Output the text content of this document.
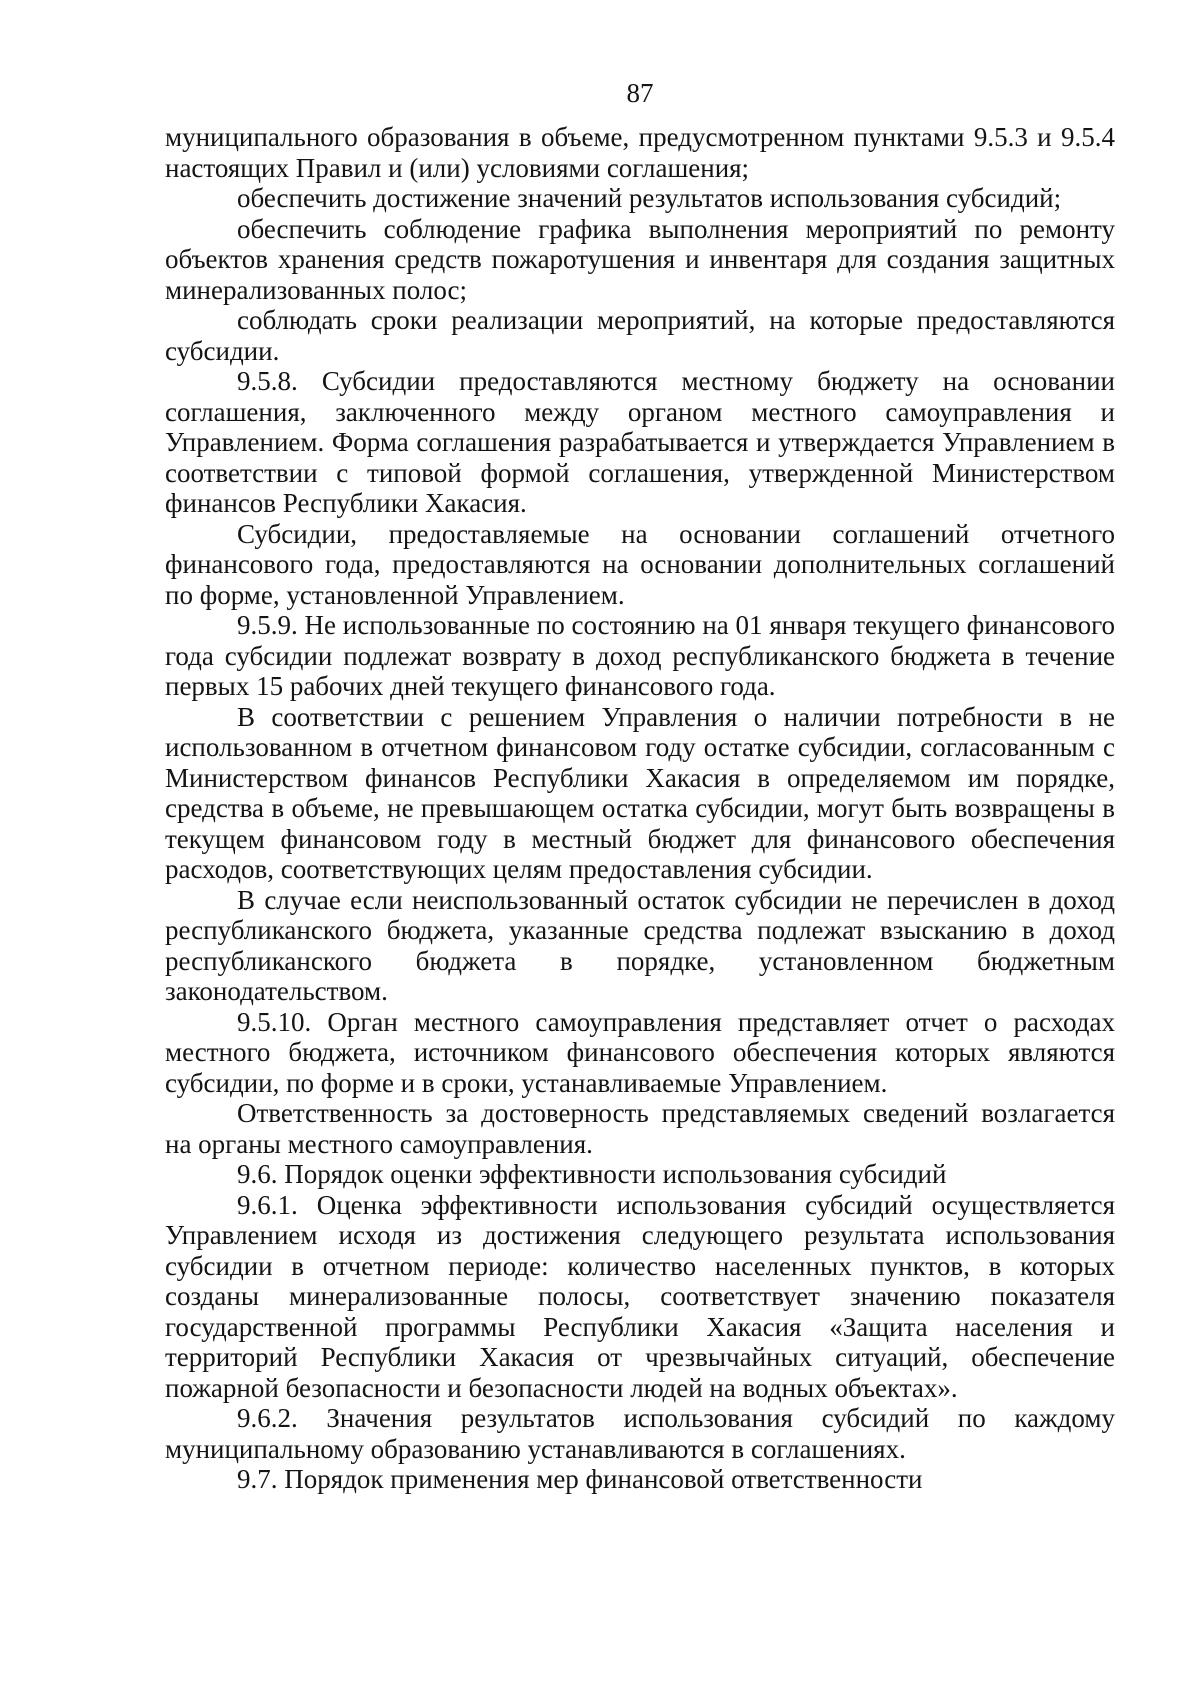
87

муниципального образования в объеме, предусмотренном пунктами 9.5.3 и 9.5.4 настоящих Правил и (или) условиями соглашения;

обеспечить достижение значений результатов использования субсидий;

обеспечить соблюдение графика выполнения мероприятий по ремонту объектов хранения средств пожаротушения и инвентаря для создания защитных минерализованных полос;

соблюдать сроки реализации мероприятий, на которые предоставляются субсидии.

9.5.8. Субсидии предоставляются местному бюджету на основании соглашения, заключенного между органом местного самоуправления и Управлением. Форма соглашения разрабатывается и утверждается Управлением в соответствии с типовой формой соглашения, утвержденной Министерством финансов Республики Хакасия.

Субсидии, предоставляемые на основании соглашений отчетного финансового года, предоставляются на основании дополнительных соглашений по форме, установленной Управлением.

9.5.9. Не использованные по состоянию на 01 января текущего финансового года субсидии подлежат возврату в доход республиканского бюджета в течение первых 15 рабочих дней текущего финансового года.

В соответствии с решением Управления о наличии потребности в не использованном в отчетном финансовом году остатке субсидии, согласованным с Министерством финансов Республики Хакасия в определяемом им порядке, средства в объеме, не превышающем остатка субсидии, могут быть возвращены в текущем финансовом году в местный бюджет для финансового обеспечения расходов, соответствующих целям предоставления субсидии.

В случае если неиспользованный остаток субсидии не перечислен в доход республиканского бюджета, указанные средства подлежат взысканию в доход республиканского бюджета в порядке, установленном бюджетным законодательством.

9.5.10. Орган местного самоуправления представляет отчет о расходах местного бюджета, источником финансового обеспечения которых являются субсидии, по форме и в сроки, устанавливаемые Управлением.

Ответственность за достоверность представляемых сведений возлагается на органы местного самоуправления.

9.6. Порядок оценки эффективности использования субсидий

9.6.1. Оценка эффективности использования субсидий осуществляется Управлением исходя из достижения следующего результата использования субсидии в отчетном периоде: количество населенных пунктов, в которых созданы минерализованные полосы, соответствует значению показателя государственной программы Республики Хакасия «Защита населения и территорий Республики Хакасия от чрезвычайных ситуаций, обеспечение пожарной безопасности и безопасности людей на водных объектах».

9.6.2. Значения результатов использования субсидий по каждому муниципальному образованию устанавливаются в соглашениях.

9.7. Порядок применения мер финансовой ответственности
